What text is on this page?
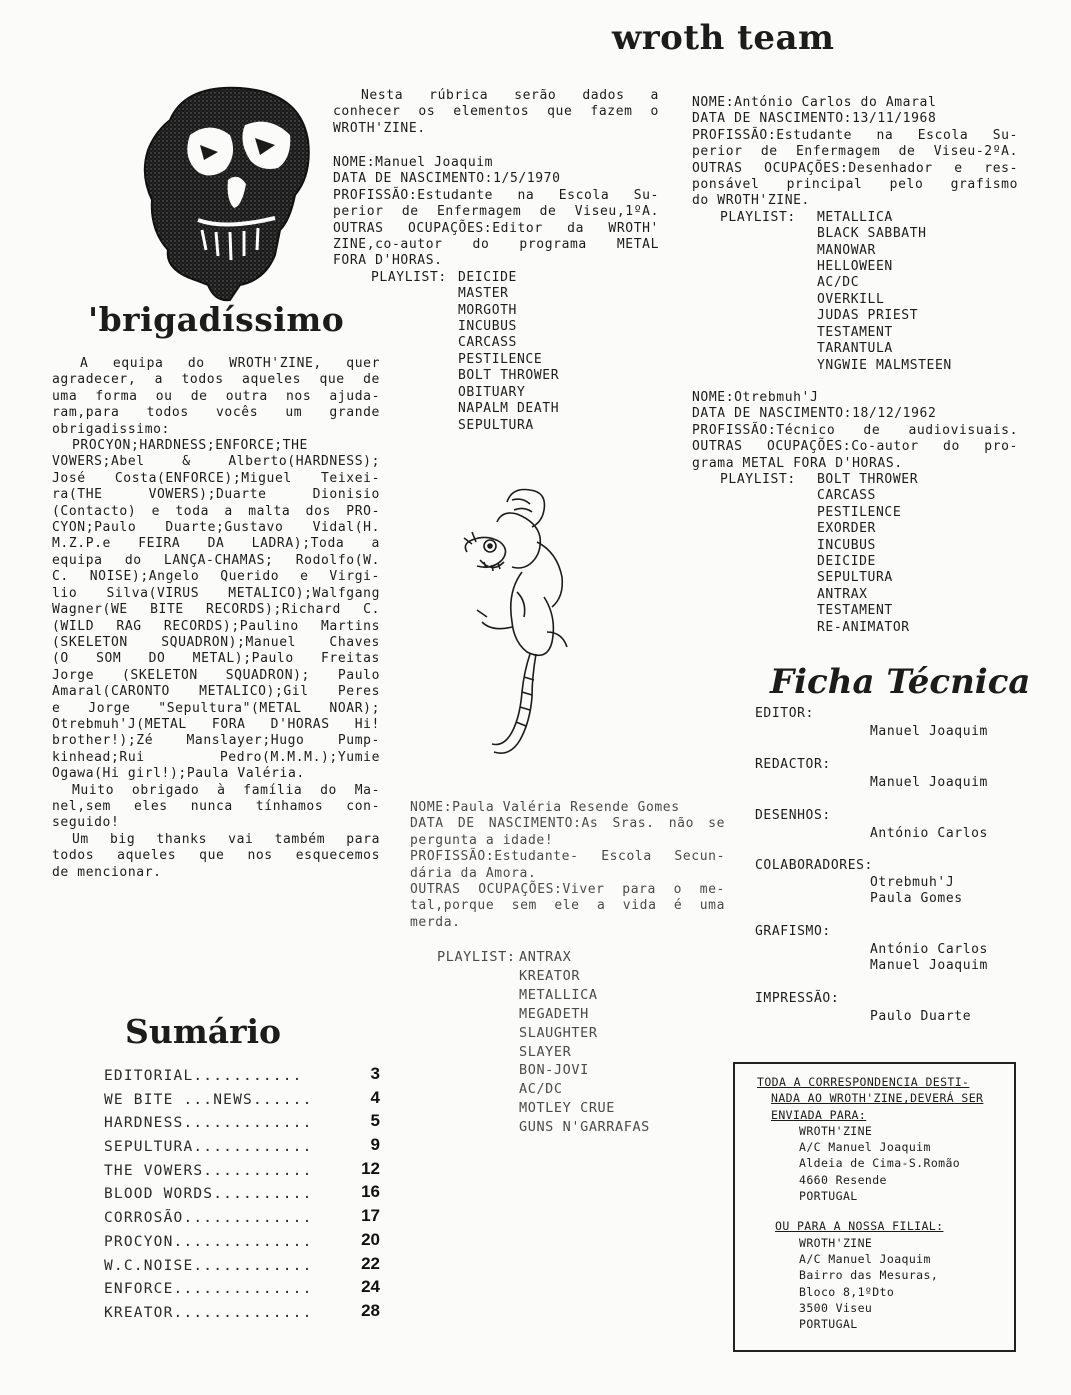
wroth team
'brigadíssimo
A equipa do WROTH'ZINE, quer
agradecer, a todos aqueles que de
uma forma ou de outra nos ajuda-
ram,para todos vocês um grande
obrigadissimo:
PROCYON;HARDNESS;ENFORCE;THE
VOWERS;Abel & Alberto(HARDNESS);
José Costa(ENFORCE);Miguel Teixei-
ra(THE VOWERS);Duarte Dionisio
(Contacto) e toda a malta dos PRO-
CYON;Paulo Duarte;Gustavo Vidal(H.
M.Z.P.e FEIRA DA LADRA);Toda a
equipa do LANÇA-CHAMAS; Rodolfo(W.
C. NOISE);Angelo Querido e Virgi-
lio Silva(VIRUS METALICO);Walfgang
Wagner(WE BITE RECORDS);Richard C.
(WILD RAG RECORDS);Paulino Martins
(SKELETON SQUADRON);Manuel Chaves
(O SOM DO METAL);Paulo Freitas
Jorge (SKELETON SQUADRON); Paulo
Amaral(CARONTO METALICO);Gil Peres
e Jorge "Sepultura"(METAL NOAR);
Otrebmuh'J(METAL FORA D'HORAS Hi!
brother!);Zé Manslayer;Hugo Pump-
kinhead;Rui Pedro(M.M.M.);Yumie
Ogawa(Hi girl!);Paula Valéria.
Muito obrigado à família do Ma-
nel,sem eles nunca tínhamos con-
seguido!
Um big thanks vai também para
todos aqueles que nos esquecemos
de mencionar.
Nesta rúbrica serão dados a
conhecer os elementos que fazem o
WROTH'ZINE.
NOME:Manuel Joaquim
DATA DE NASCIMENTO:1/5/1970
PROFISSÃO:Estudante na Escola Su-
perior de Enfermagem de Viseu,1ºA.
OUTRAS OCUPAÇÕES:Editor da WROTH'
ZINE,co-autor do programa METAL
FORA D'HORAS.
PLAYLIST: DEICIDE
MASTER
MORGOTH
INCUBUS
CARCASS
PESTILENCE
BOLT THROWER
OBITUARY
NAPALM DEATH
SEPULTURA
NOME:António Carlos do Amaral
DATA DE NASCIMENTO:13/11/1968
PROFISSÃO:Estudante na Escola Su-
perior de Enfermagem de Viseu-2ºA.
OUTRAS OCUPAÇÕES:Desenhador e res-
ponsável principal pelo grafismo
do WROTH'ZINE.
PLAYLIST:	METALLICA
BLACK SABBATH
MANOWAR
HELLOWEEN
AC/DC
OVERKILL
JUDAS PRIEST
TESTAMENT
TARANTULA
YNGWIE MALMSTEEN
NOME:Otrebmuh'J
DATA DE NASCIMENTO:18/12/1962
PROFISSÃO:Técnico de audiovisuais.
OUTRAS OCUPAÇÕES:Co-autor do pro-
grama METAL FORA D'HORAS.
PLAYLIST:	BOLT THROWER
CARCASS
PESTILENCE
EXORDER
INCUBUS
DEICIDE
SEPULTURA
ANTRAX
TESTAMENT
RE-ANIMATOR
NOME:Paula Valéria Resende Gomes
DATA DE NASCIMENTO:As Sras. não se
pergunta a idade!
PROFISSÃO:Estudante- Escola Secun-
dária da Amora.
OUTRAS OCUPAÇÕES:Viver para o me-
tal,porque sem ele a vida é uma
merda.
PLAYLIST: ANTRAX
KREATOR
METALLICA
MEGADETH
SLAUGHTER
SLAYER
BON-JOVI
AC/DC
MOTLEY CRUE
GUNS N'GARRAFAS
Ficha Técnica
EDITOR:
Manuel Joaquim
REDACTOR:
Manuel Joaquim
DESENHOS:
António Carlos
COLABORADORES:
Otrebmuh'J
Paula Gomes
GRAFISMO:
António Carlos
Manuel Joaquim
IMPRESSÃO:
Paulo Duarte
Sumário
EDITORIAL...........	3
WE BITE ...NEWS......	4
HARDNESS.............	5
SEPULTURA............	9
THE VOWERS...........	12
BLOOD WORDS..........	16
CORROSÃO.............	17
PROCYON..............	20
W.C.NOISE............	22
ENFORCE..............	24
KREATOR..............	28
TODA A CORRESPONDENCIA DESTI-
NADA AO WROTH'ZINE,DEVERÁ SER
ENVIADA PARA:
WROTH'ZINE
A/C Manuel Joaquim
Aldeia de Cima-S.Romão
4660 Resende
PORTUGAL
OU PARA A NOSSA FILIAL:
WROTH'ZINE
A/C Manuel Joaquim
Bairro das Mesuras,
Bloco 8,1ºDto
3500 Viseu
PORTUGAL
